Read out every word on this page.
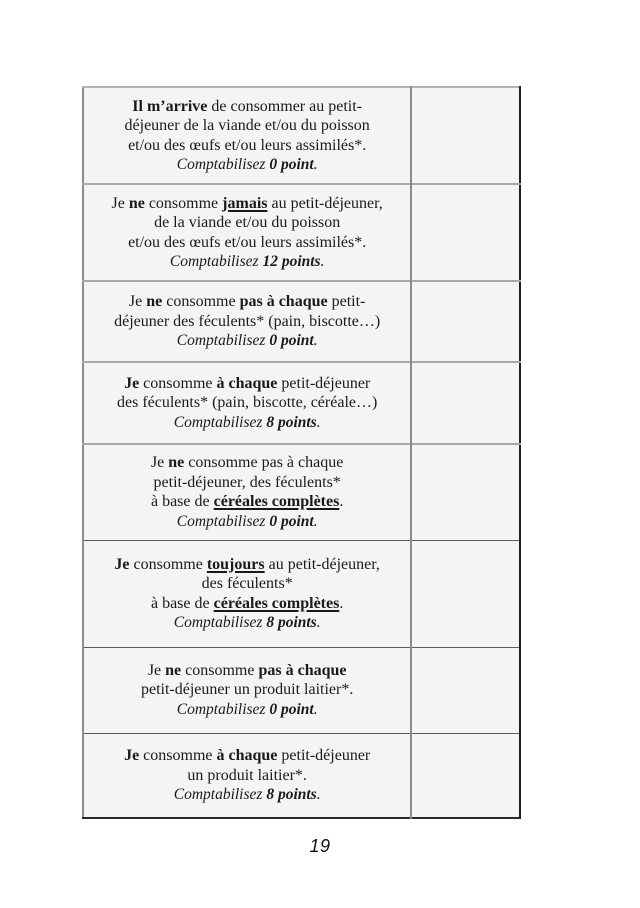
Il m’arrive de consommer au petit-
déjeuner de la viande et/ou du poisson
et/ou des œufs et/ou leurs assimilés*.
Comptabilisez 0 point.	

Je ne consomme jamais au petit-déjeuner,
de la viande et/ou du poisson
et/ou des œufs et/ou leurs assimilés*.
Comptabilisez 12 points.	

Je ne consomme pas à chaque petit-
déjeuner des féculents* (pain, biscotte…)
Comptabilisez 0 point.	

Je consomme à chaque petit-déjeuner
des féculents* (pain, biscotte, céréale…)
Comptabilisez 8 points.	

Je ne consomme pas à chaque
petit-déjeuner, des féculents*
à base de céréales complètes.
Comptabilisez 0 point.	

Je consomme toujours au petit-déjeuner,
des féculents*
à base de céréales complètes.
Comptabilisez 8 points.	

Je ne consomme pas à chaque
petit-déjeuner un produit laitier*.
Comptabilisez 0 point.	

Je consomme à chaque petit-déjeuner
un produit laitier*.
Comptabilisez 8 points.	

19
